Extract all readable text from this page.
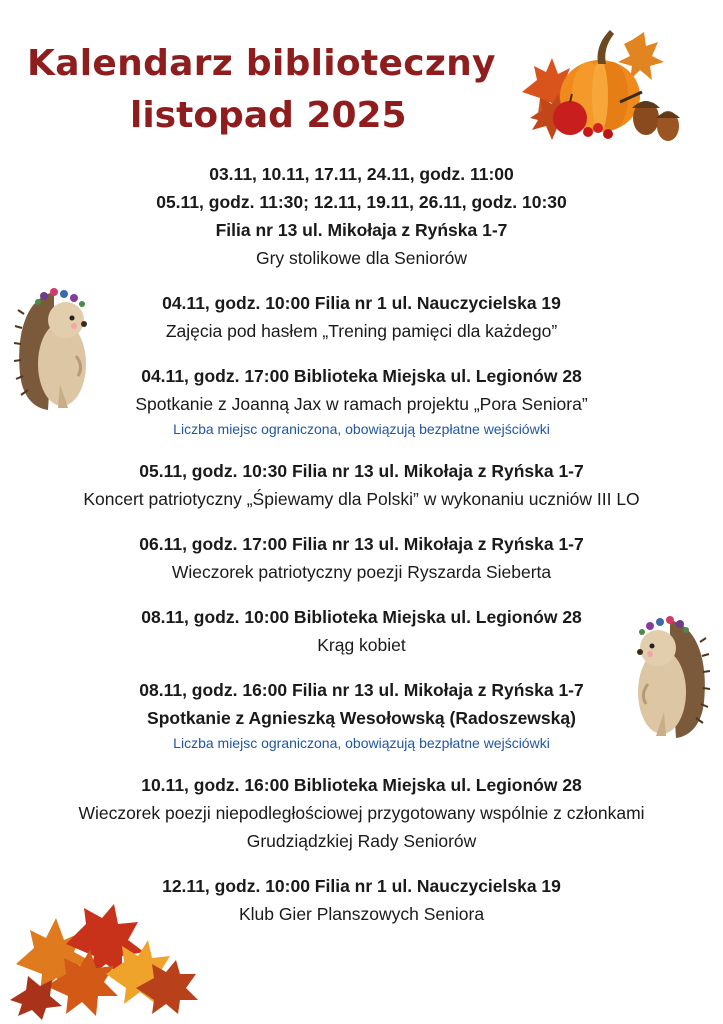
Kalendarz biblioteczny
listopad 2025
03.11, 10.11, 17.11, 24.11, godz. 11:00
05.11, godz. 11:30; 12.11, 19.11, 26.11, godz. 10:30
Filia nr 13 ul. Mikołaja z Ryńska 1-7
Gry stolikowe dla Seniorów
04.11, godz. 10:00 Filia nr 1 ul. Nauczycielska 19
Zajęcia pod hasłem „Trening pamięci dla każdego”
04.11, godz. 17:00 Biblioteka Miejska ul. Legionów 28
Spotkanie z Joanną Jax w ramach projektu „Pora Seniora”
Liczba miejsc ograniczona, obowiązują bezpłatne wejściówki
05.11, godz. 10:30 Filia nr 13 ul. Mikołaja z Ryńska 1-7
Koncert patriotyczny „Śpiewamy dla Polski” w wykonaniu uczniów III LO
06.11, godz. 17:00 Filia nr 13 ul. Mikołaja z Ryńska 1-7
Wieczorek patriotyczny poezji Ryszarda Sieberta
08.11, godz. 10:00 Biblioteka Miejska ul. Legionów 28
Krąg kobiet
08.11, godz. 16:00 Filia nr 13 ul. Mikołaja z Ryńska 1-7
Spotkanie z Agnieszką Wesołowską (Radoszewską)
Liczba miejsc ograniczona, obowiązują bezpłatne wejściówki
10.11, godz. 16:00 Biblioteka Miejska ul. Legionów 28
Wieczorek poezji niepodległościowej przygotowany wspólnie z członkami
Grudziądzkiej Rady Seniorów
12.11, godz. 10:00 Filia nr 1 ul. Nauczycielska 19
Klub Gier Planszowych Seniora
